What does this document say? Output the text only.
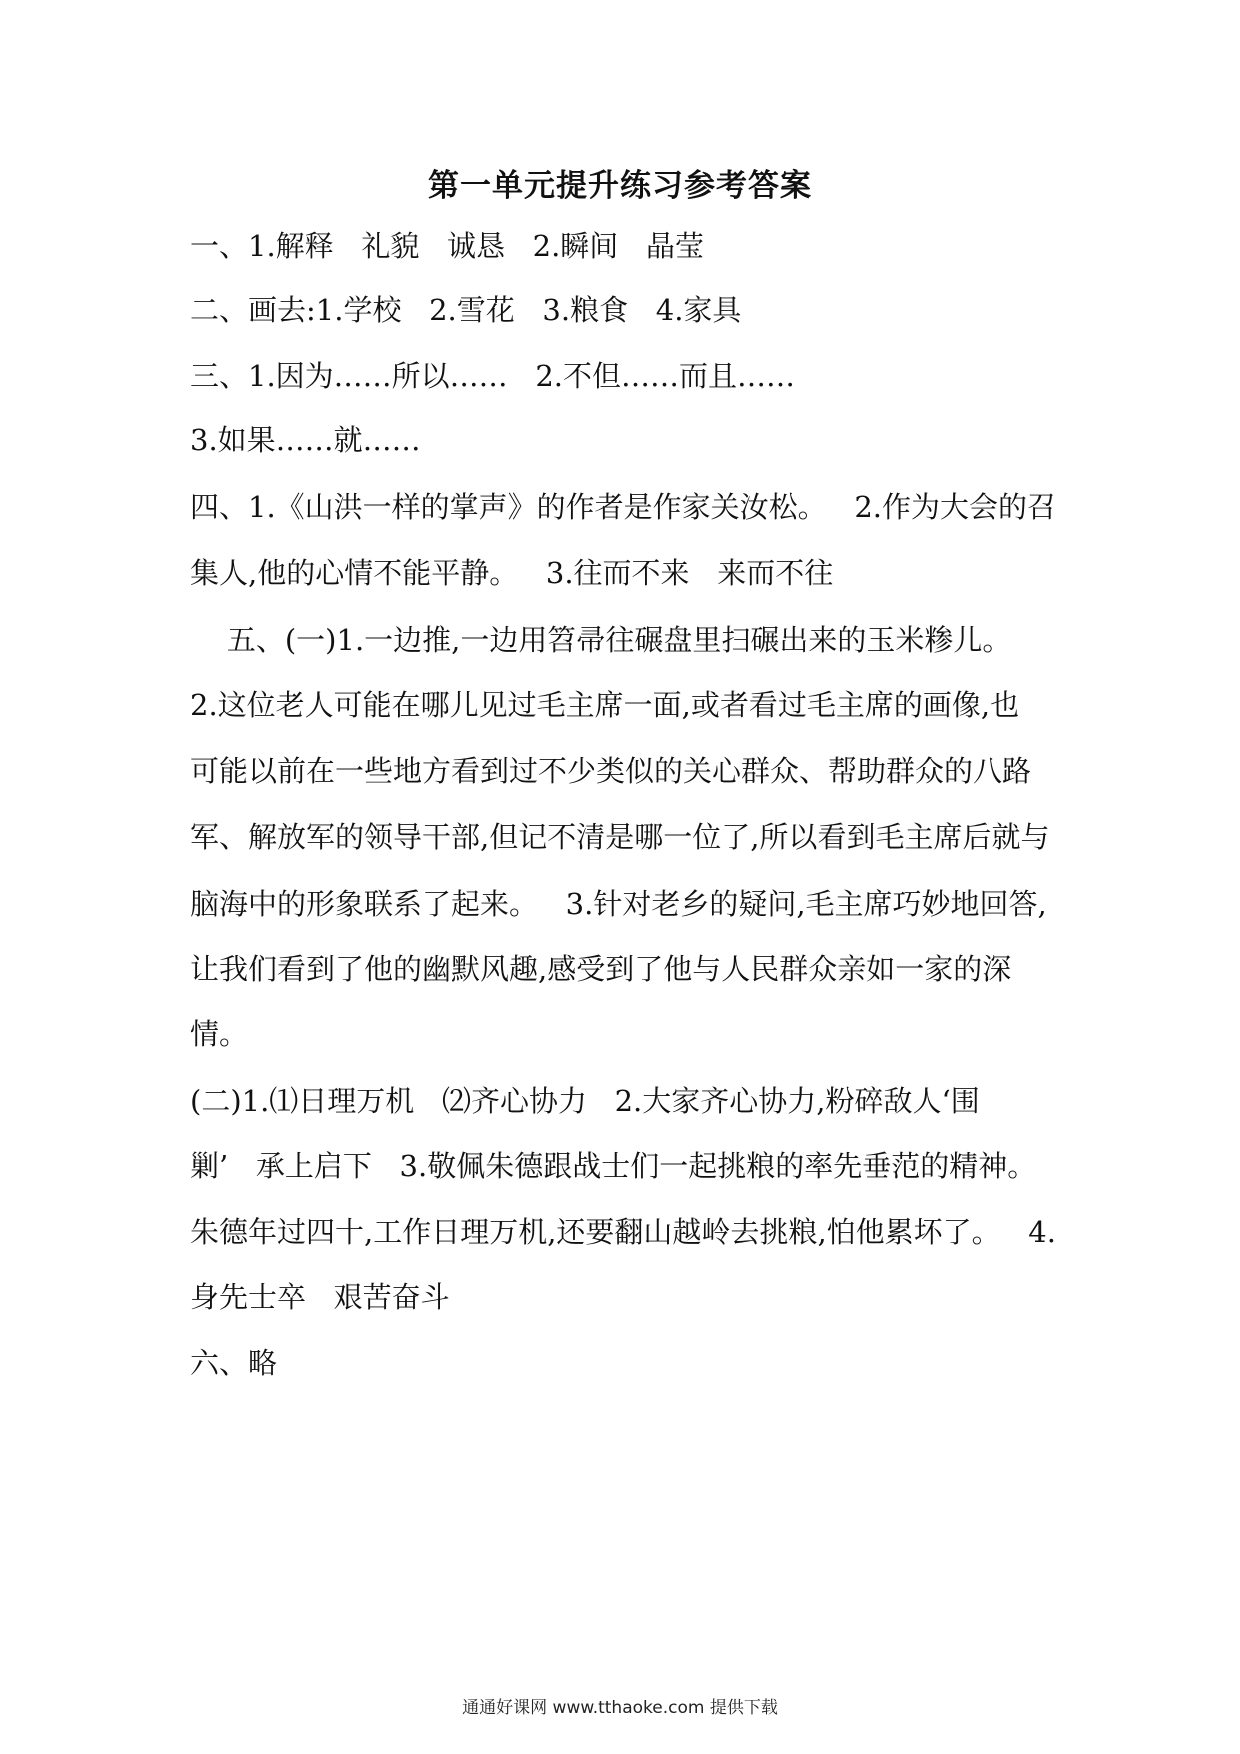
第一单元提升练习参考答案
一、1.解释   礼貌   诚恳   2.瞬间   晶莹
二、画去:1.学校   2.雪花   3.粮食   4.家具
三、1.因为……所以……   2.不但……而且……
3.如果……就……
四、1.《山洪一样的掌声》的作者是作家关汝松。   2.作为大会的召
集人,他的心情不能平静。   3.往而不来   来而不往
五、(一)1.一边推,一边用笤帚往碾盘里扫碾出来的玉米糁儿。
2.这位老人可能在哪儿见过毛主席一面,或者看过毛主席的画像,也
可能以前在一些地方看到过不少类似的关心群众、帮助群众的八路
军、解放军的领导干部,但记不清是哪一位了,所以看到毛主席后就与
脑海中的形象联系了起来。   3.针对老乡的疑问,毛主席巧妙地回答,
让我们看到了他的幽默风趣,感受到了他与人民群众亲如一家的深
情。
(二)1.⑴日理万机   ⑵齐心协力   2.大家齐心协力,粉碎敌人‘围
剿’   承上启下   3.敬佩朱德跟战士们一起挑粮的率先垂范的精神。
朱德年过四十,工作日理万机,还要翻山越岭去挑粮,怕他累坏了。   4.
身先士卒   艰苦奋斗
六、略
通通好课网 www.tthaoke.com 提供下载
